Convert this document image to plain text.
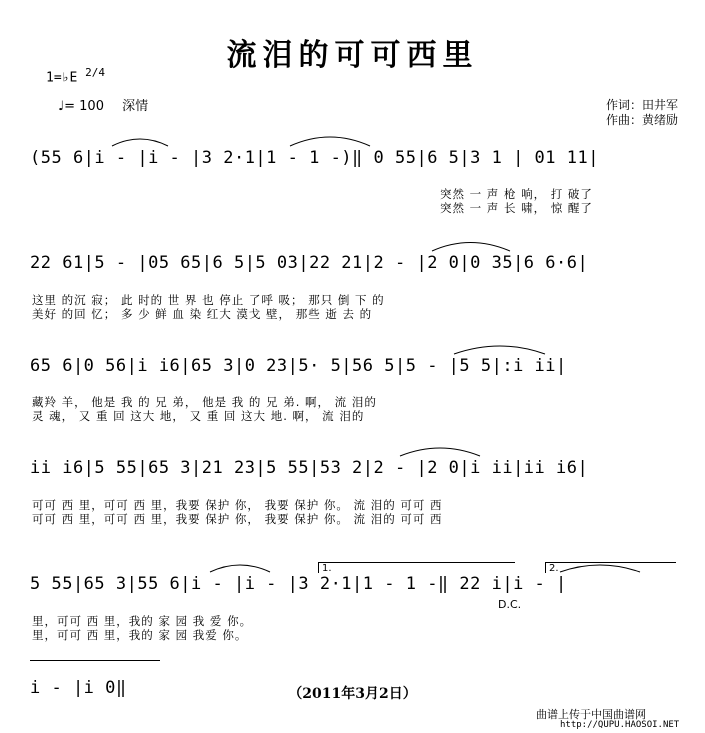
流泪的可可西里
1=♭E $^{2/4}$
♩= 100 深情	作词：田井军
作曲：黄绪励
(55 6|i - |i - |3 2·1|1 - 1 -)‖ 0 55|6 5|3 1 | 01 11|
突然 一 声 枪 响， 打 破了
突然 一 声 长 啸， 惊 醒了
22 61|5 - |05 65|6 5|5 03|22 21|2 - |2 0|0 35|6 6·6|
这里 的沉 寂； 此 时的 世 界 也 停止 了呼 吸； 那只 倒 下 的
美好 的回 忆； 多 少 鲜 血 染 红大 漠戈 壁， 那些 逝 去 的
65 6|0 56|i i6|65 3|0 23|5· 5|56 5|5 - |5 5|:i ii|
藏羚 羊， 他是 我 的 兄 弟， 他是 我 的 兄 弟. 啊， 流 泪的
灵 魂， 又 重 回 这大 地， 又 重 回 这大 地. 啊， 流 泪的
ii i6|5 55|65 3|21 23|5 55|53 2|2 - |2 0|i ii|ii i6|
可可 西 里，可可 西 里，我要 保护 你， 我要 保护 你。 流 泪的 可可 西
可可 西 里，可可 西 里，我要 保护 你， 我要 保护 你。 流 泪的 可可 西
1.	2.
5 55|65 3|55 6|i - |i - |3 2·1|1 - 1 -‖ 22 i|i - |
D.C.
里，可可 西 里，我的 家 园 我 爱 你。
里，可可 西 里，我的 家 园 我爱 你。
i - |i 0‖	（2011年3月2日）
曲谱上传于中国曲谱网
http://QUPU.HAOSOI.NET
